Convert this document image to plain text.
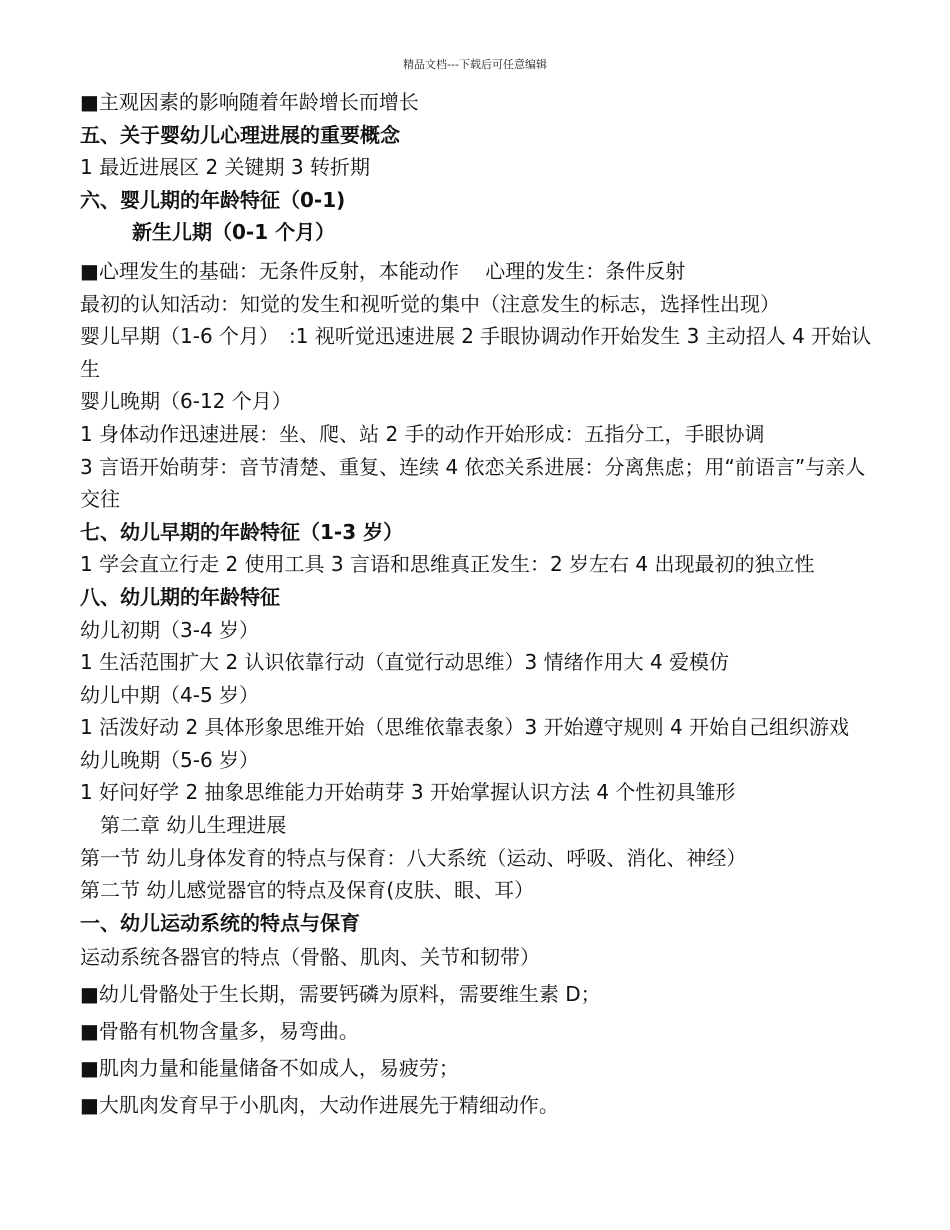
精品文档---下载后可任意编辑

■主观因素的影响随着年龄增长而增长

五、关于婴幼儿心理进展的重要概念

1 最近进展区 2 关键期 3 转折期

六、婴儿期的年龄特征（0-1)

新生儿期（0-1 个月）

■心理发生的基础：无条件反射，本能动作　 心理的发生：条件反射

最初的认知活动：知觉的发生和视听觉的集中（注意发生的标志，选择性出现）

婴儿早期（1-6 个月）　:1 视听觉迅速进展 2 手眼协调动作开始发生 3 主动招人 4 开始认生

婴儿晚期（6-12 个月）

1 身体动作迅速进展：坐、爬、站 2 手的动作开始形成：五指分工，手眼协调

3 言语开始萌芽：音节清楚、重复、连续 4 依恋关系进展：分离焦虑；用“前语言”与亲人交往

七、幼儿早期的年龄特征（1-3 岁）

1 学会直立行走 2 使用工具 3 言语和思维真正发生：2 岁左右 4 出现最初的独立性

八、幼儿期的年龄特征

幼儿初期（3-4 岁）

1 生活范围扩大 2 认识依靠行动（直觉行动思维）3 情绪作用大 4 爱模仿

幼儿中期（4-5 岁）

1 活泼好动 2 具体形象思维开始（思维依靠表象）3 开始遵守规则 4 开始自己组织游戏

幼儿晚期（5-6 岁）

1 好问好学 2 抽象思维能力开始萌芽 3 开始掌握认识方法 4 个性初具雏形

第二章 幼儿生理进展

第一节 幼儿身体发育的特点与保育：八大系统（运动、呼吸、消化、神经）

第二节 幼儿感觉器官的特点及保育(皮肤、眼、耳）

一、幼儿运动系统的特点与保育

运动系统各器官的特点（骨骼、肌肉、关节和韧带）

■幼儿骨骼处于生长期，需要钙磷为原料，需要维生素 D；

■骨骼有机物含量多，易弯曲。

■肌肉力量和能量储备不如成人，易疲劳；

■大肌肉发育早于小肌肉，大动作进展先于精细动作。
